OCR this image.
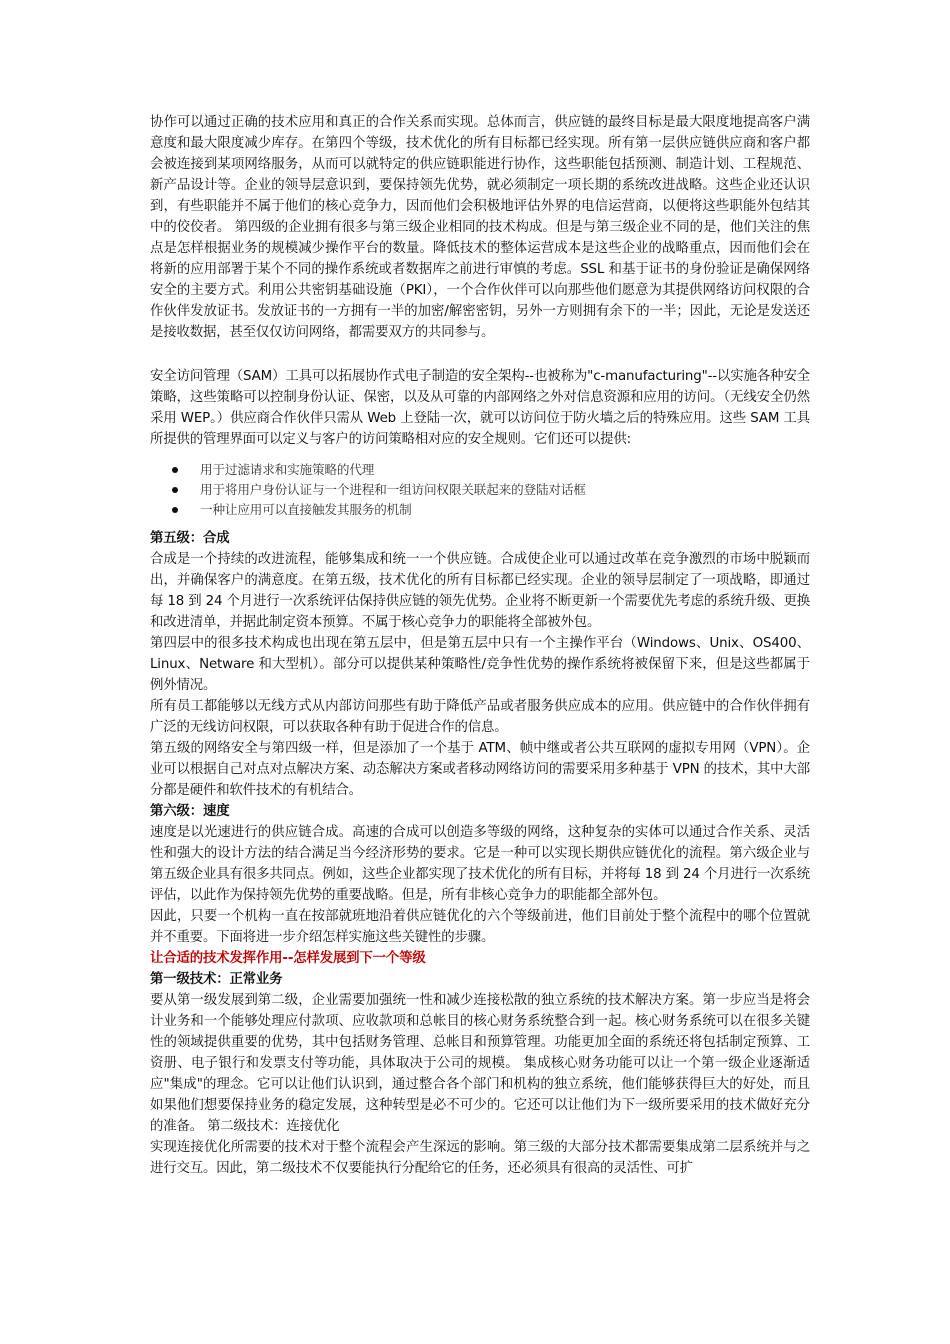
协作可以通过正确的技术应用和真正的合作关系而实现。总体而言，供应链的最终目标是最大限度地提高客户满意度和最大限度减少库存。在第四个等级，技术优化的所有目标都已经实现。所有第一层供应链供应商和客户都会被连接到某项网络服务，从而可以就特定的供应链职能进行协作，这些职能包括预测、制造计划、工程规范、新产品设计等。企业的领导层意识到，要保持领先优势，就必须制定一项长期的系统改进战略。这些企业还认识到，有些职能并不属于他们的核心竞争力，因而他们会积极地评估外界的电信运营商，以便将这些职能外包结其中的佼佼者。 第四级的企业拥有很多与第三级企业相同的技术构成。但是与第三级企业不同的是，他们关注的焦点是怎样根据业务的规模减少操作平台的数量。降低技术的整体运营成本是这些企业的战略重点，因而他们会在将新的应用部署于某个不同的操作系统或者数据库之前进行审慎的考虑。SSL 和基于证书的身份验证是确保网络安全的主要方式。利用公共密钥基础设施（PKI），一个合作伙伴可以向那些他们愿意为其提供网络访问权限的合作伙伴发放证书。发放证书的一方拥有一半的加密/解密密钥，另外一方则拥有余下的一半；因此，无论是发送还是接收数据，甚至仅仅访问网络，都需要双方的共同参与。

安全访问管理（SAM）工具可以拓展协作式电子制造的安全架构--也被称为"c-manufacturing"--以实施各种安全策略，这些策略可以控制身份认证、保密，以及从可靠的内部网络之外对信息资源和应用的访问。（无线安全仍然采用 WEP。）供应商合作伙伴只需从 Web 上登陆一次，就可以访问位于防火墙之后的特殊应用。这些 SAM 工具所提供的管理界面可以定义与客户的访问策略相对应的安全规则。它们还可以提供:

用于过滤请求和实施策略的代理
用于将用户身份认证与一个进程和一组访问权限关联起来的登陆对话框
一种让应用可以直接触发其服务的机制

第五级：合成

合成是一个持续的改进流程，能够集成和统一一个供应链。合成使企业可以通过改革在竞争激烈的市场中脱颖而出，并确保客户的满意度。在第五级，技术优化的所有目标都已经实现。企业的领导层制定了一项战略，即通过每 18 到 24 个月进行一次系统评估保持供应链的领先优势。企业将不断更新一个需要优先考虑的系统升级、更换和改进清单，并据此制定资本预算。不属于核心竞争力的职能将全部被外包。

第四层中的很多技术构成也出现在第五层中，但是第五层中只有一个主操作平台（Windows、Unix、OS400、Linux、Netware 和大型机）。部分可以提供某种策略性/竞争性优势的操作系统将被保留下来，但是这些都属于例外情况。

所有员工都能够以无线方式从内部访问那些有助于降低产品或者服务供应成本的应用。供应链中的合作伙伴拥有广泛的无线访问权限，可以获取各种有助于促进合作的信息。

第五级的网络安全与第四级一样，但是添加了一个基于 ATM、帧中继或者公共互联网的虚拟专用网（VPN）。企业可以根据自己对点对点解决方案、动态解决方案或者移动网络访问的需要采用多种基于 VPN 的技术，其中大部分都是硬件和软件技术的有机结合。

第六级：速度

速度是以光速进行的供应链合成。高速的合成可以创造多等级的网络，这种复杂的实体可以通过合作关系、灵活性和强大的设计方法的结合满足当今经济形势的要求。它是一种可以实现长期供应链优化的流程。第六级企业与第五级企业具有很多共同点。例如，这些企业都实现了技术优化的所有目标，并将每 18 到 24 个月进行一次系统评估，以此作为保持领先优势的重要战略。但是，所有非核心竞争力的职能都全部外包。

因此，只要一个机构一直在按部就班地沿着供应链优化的六个等级前进，他们目前处于整个流程中的哪个位置就并不重要。下面将进一步介绍怎样实施这些关键性的步骤。

让合适的技术发挥作用--怎样发展到下一个等级

第一级技术：正常业务

要从第一级发展到第二级，企业需要加强统一性和减少连接松散的独立系统的技术解决方案。第一步应当是将会计业务和一个能够处理应付款项、应收款项和总帐目的核心财务系统整合到一起。核心财务系统可以在很多关键性的领域提供重要的优势，其中包括财务管理、总帐目和预算管理。功能更加全面的系统还将包括制定预算、工资册、电子银行和发票支付等功能，具体取决于公司的规模。 集成核心财务功能可以让一个第一级企业逐渐适应"集成"的理念。它可以让他们认识到，通过整合各个部门和机构的独立系统，他们能够获得巨大的好处，而且如果他们想要保持业务的稳定发展，这种转型是必不可少的。它还可以让他们为下一级所要采用的技术做好充分的准备。 第二级技术：连接优化

实现连接优化所需要的技术对于整个流程会产生深远的影响。第三级的大部分技术都需要集成第二层系统并与之进行交互。因此，第二级技术不仅要能执行分配给它的任务，还必须具有很高的灵活性、可扩
